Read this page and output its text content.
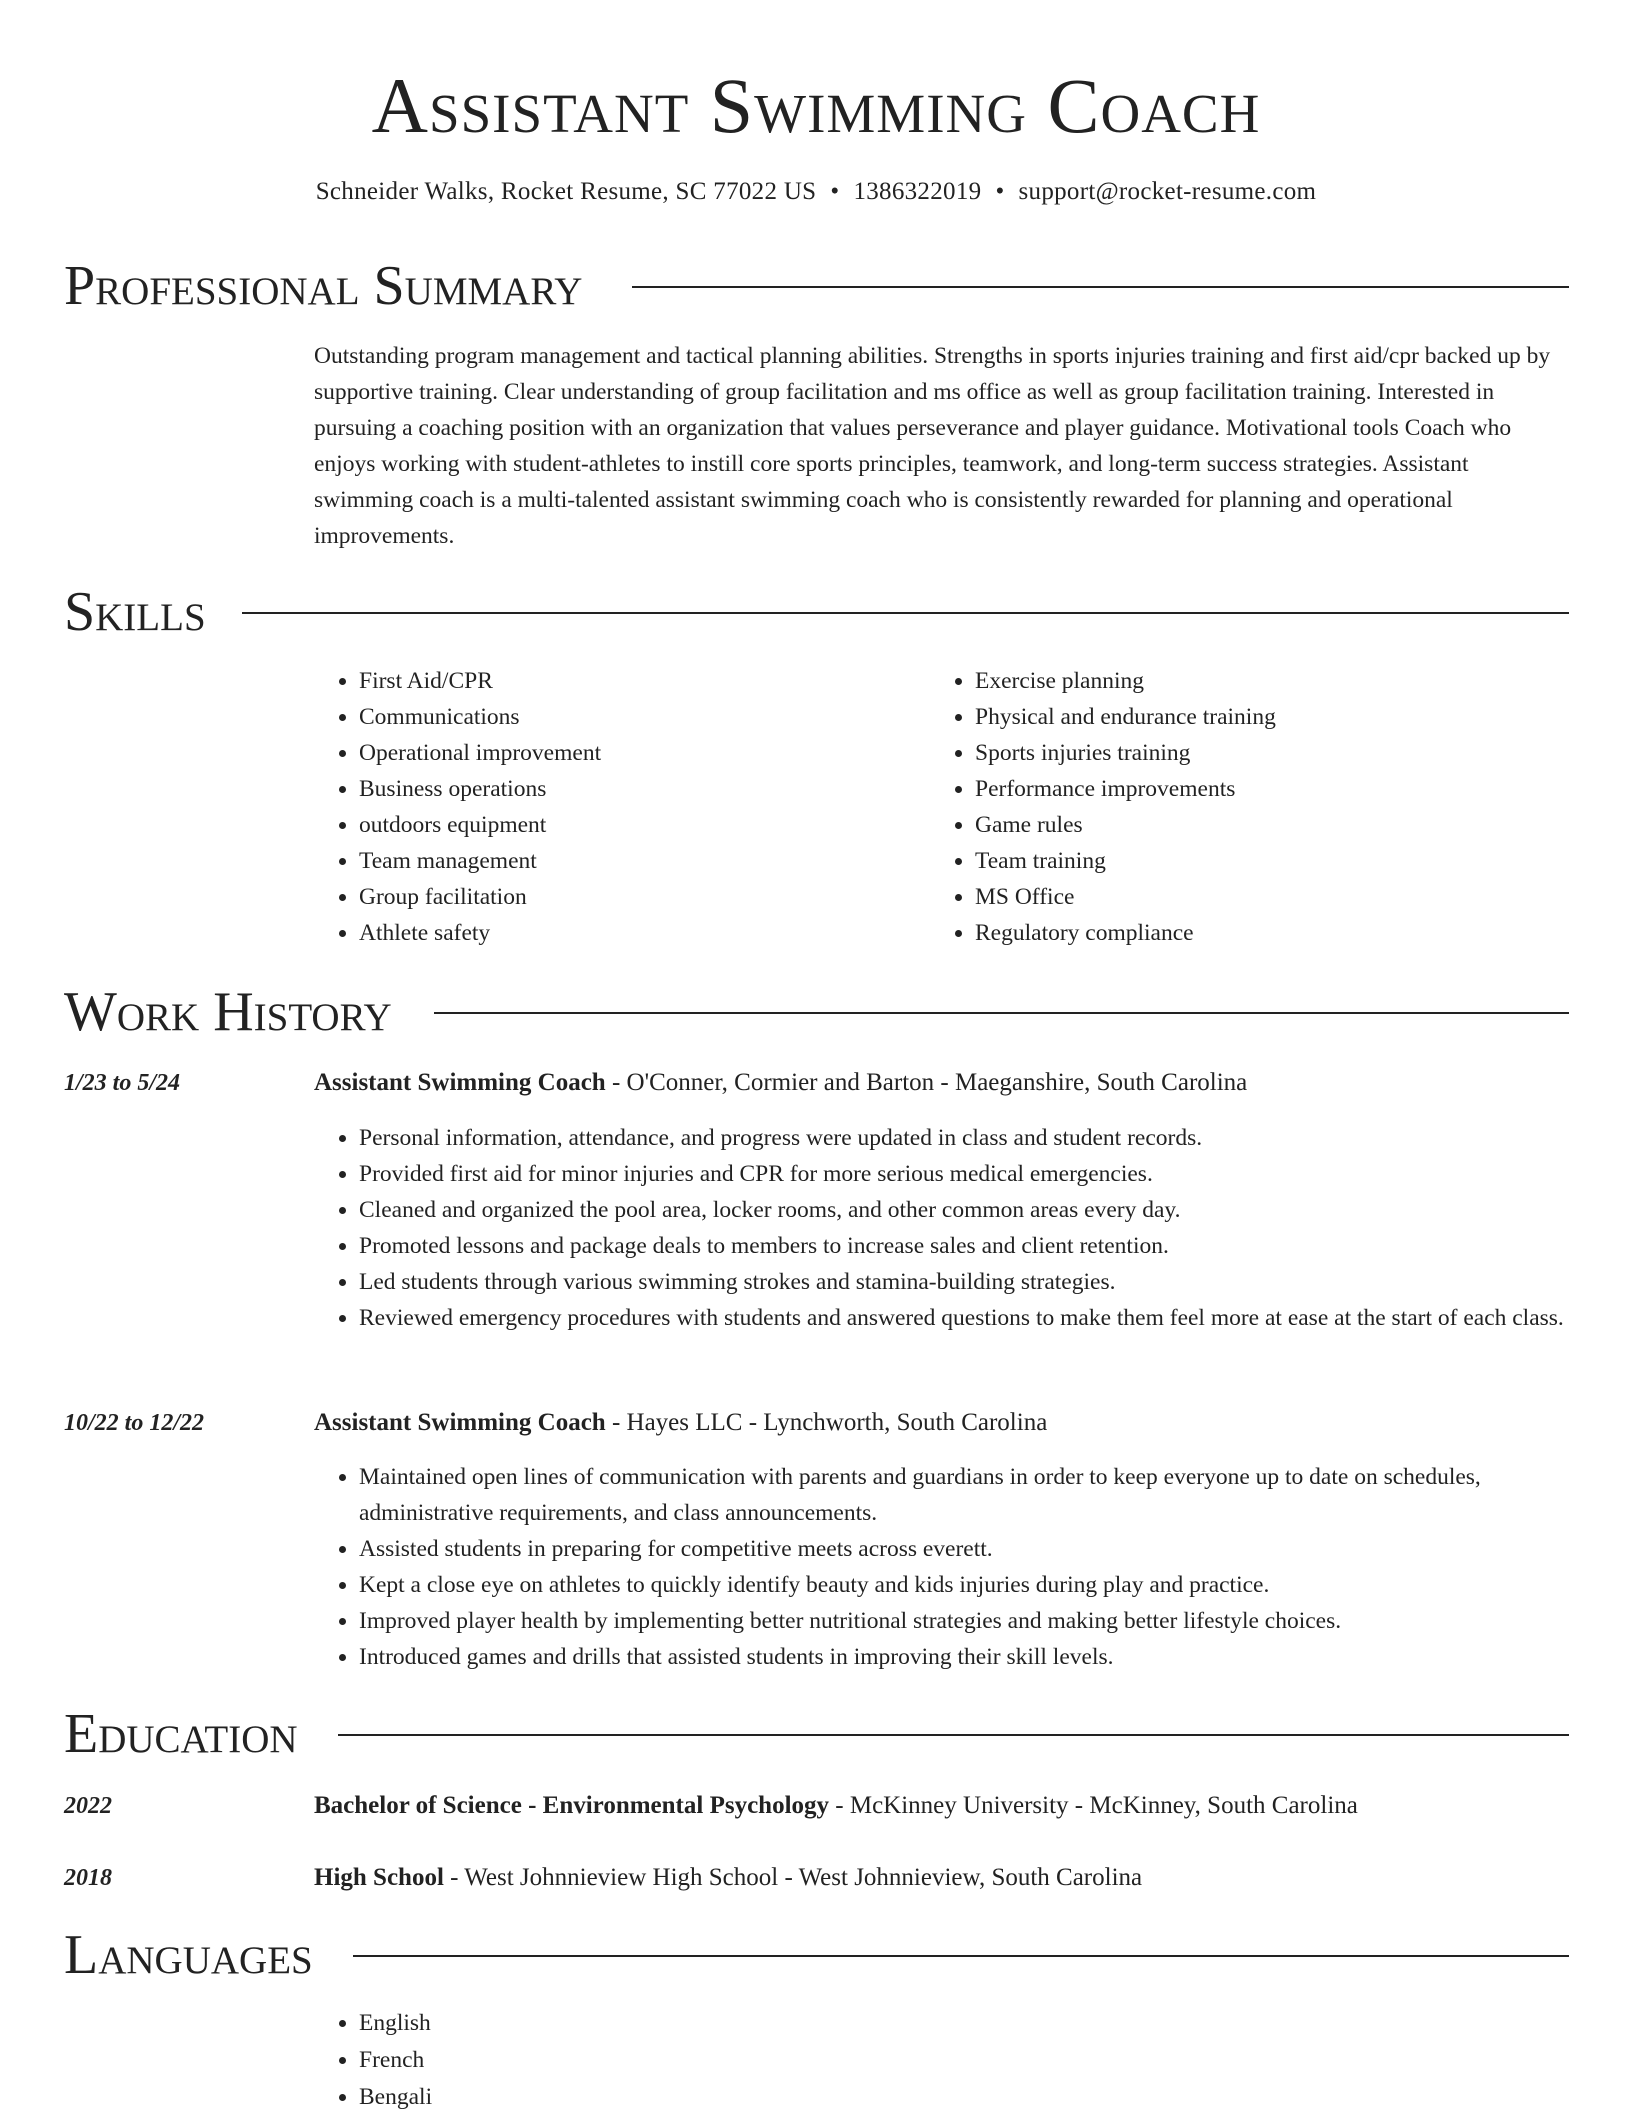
Assistant Swimming Coach
Schneider Walks, Rocket Resume, SC 77022 US • 1386322019 • support@rocket-resume.com
Professional Summary

Outstanding program management and tactical planning abilities. Strengths in sports injuries training and first aid/cpr backed up by supportive training. Clear understanding of group facilitation and ms office as well as group facilitation training. Interested in pursuing a coaching position with an organization that values perseverance and player guidance. Motivational tools Coach who enjoys working with student-athletes to instill core sports principles, teamwork, and long-term success strategies. Assistant swimming coach is a multi-talented assistant swimming coach who is consistently rewarded for planning and operational improvements.

Skills
• First Aid/CPR
• Communications
• Operational improvement
• Business operations
• outdoors equipment
• Team management
• Group facilitation
• Athlete safety
• Exercise planning
• Physical and endurance training
• Sports injuries training
• Performance improvements
• Game rules
• Team training
• MS Office
• Regulatory compliance
Work History
1/23 to 5/24	Assistant Swimming Coach - O'Conner, Cormier and Barton - Maeganshire, South Carolina
• Personal information, attendance, and progress were updated in class and student records.
• Provided first aid for minor injuries and CPR for more serious medical emergencies.
• Cleaned and organized the pool area, locker rooms, and other common areas every day.
• Promoted lessons and package deals to members to increase sales and client retention.
• Led students through various swimming strokes and stamina-building strategies.
• Reviewed emergency procedures with students and answered questions to make them feel more at ease at the start of each class.
10/22 to 12/22	Assistant Swimming Coach - Hayes LLC - Lynchworth, South Carolina
• Maintained open lines of communication with parents and guardians in order to keep everyone up to date on schedules, administrative requirements, and class announcements.
• Assisted students in preparing for competitive meets across everett.
• Kept a close eye on athletes to quickly identify beauty and kids injuries during play and practice.
• Improved player health by implementing better nutritional strategies and making better lifestyle choices.
• Introduced games and drills that assisted students in improving their skill levels.
Education
2022	Bachelor of Science - Environmental Psychology - McKinney University - McKinney, South Carolina
2018	High School - West Johnnieview High School - West Johnnieview, South Carolina
Languages
• English
• French
• Bengali
